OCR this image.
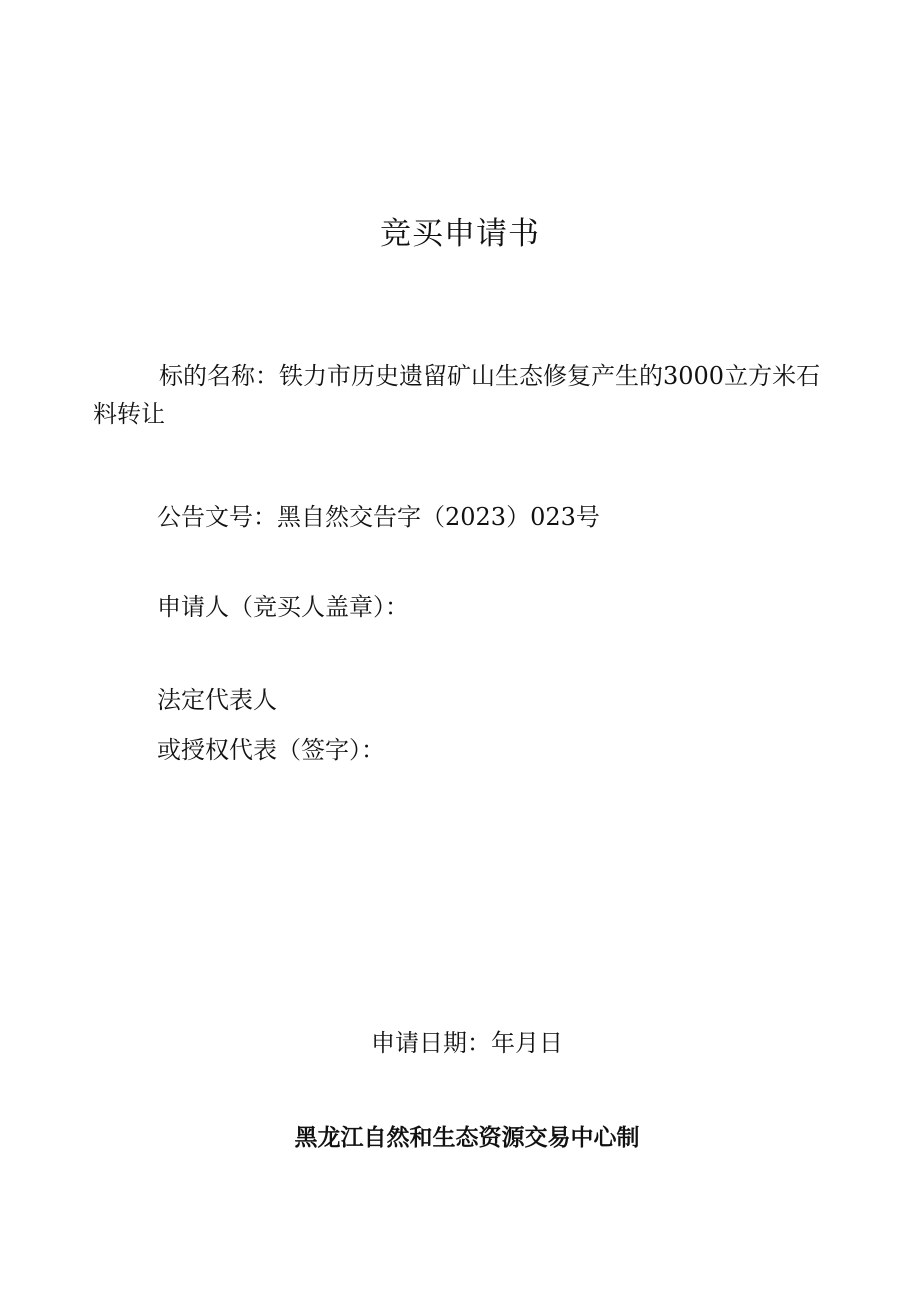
竞买申请书
标的名称：铁力市历史遗留矿山生态修复产生的3000立方米石料转让
公告文号：黑自然交告字（2023）023号
申请人（竞买人盖章）：
法定代表人
或授权代表（签字）：
申请日期：年月日
黑龙江自然和生态资源交易中心制
